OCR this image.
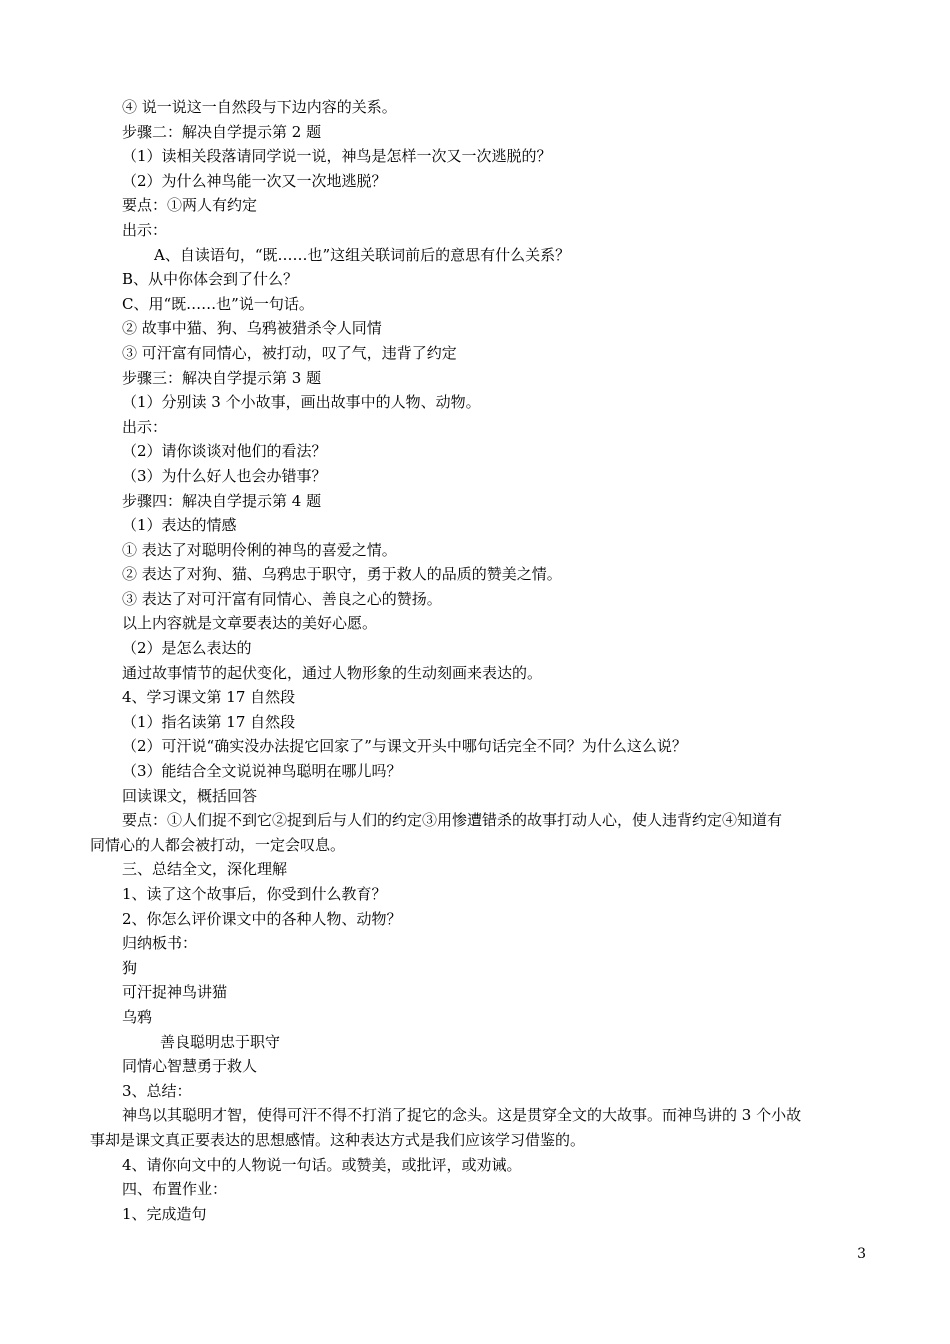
④ 说一说这一自然段与下边内容的关系。
步骤二：解决自学提示第 2 题
（1）读相关段落请同学说一说，神鸟是怎样一次又一次逃脱的？
（2）为什么神鸟能一次又一次地逃脱？
要点：①两人有约定
出示：
A、自读语句，“既……也”这组关联词前后的意思有什么关系？
B、从中你体会到了什么？
C、用“既……也”说一句话。
② 故事中猫、狗、乌鸦被猎杀令人同情
③ 可汗富有同情心，被打动，叹了气，违背了约定
步骤三：解决自学提示第 3 题
（1）分别读 3 个小故事，画出故事中的人物、动物。
出示：
（2）请你谈谈对他们的看法？
（3）为什么好人也会办错事？
步骤四：解决自学提示第 4 题
（1）表达的情感
① 表达了对聪明伶俐的神鸟的喜爱之情。
② 表达了对狗、猫、乌鸦忠于职守，勇于救人的品质的赞美之情。
③ 表达了对可汗富有同情心、善良之心的赞扬。
以上内容就是文章要表达的美好心愿。
（2）是怎么表达的
通过故事情节的起伏变化，通过人物形象的生动刻画来表达的。
4、学习课文第 17 自然段
（1）指名读第 17 自然段
（2）可汗说“确实没办法捉它回家了”与课文开头中哪句话完全不同？为什么这么说？
（3）能结合全文说说神鸟聪明在哪儿吗？
回读课文，概括回答
要点：①人们捉不到它②捉到后与人们的约定③用惨遭错杀的故事打动人心，使人违背约定④知道有
同情心的人都会被打动，一定会叹息。
三、总结全文，深化理解
1、读了这个故事后，你受到什么教育？
2、你怎么评价课文中的各种人物、动物？
归纳板书：
狗
可汗捉神鸟讲猫
乌鸦
善良聪明忠于职守
同情心智慧勇于救人
3、总结：
神鸟以其聪明才智，使得可汗不得不打消了捉它的念头。这是贯穿全文的大故事。而神鸟讲的 3 个小故
事却是课文真正要表达的思想感情。这种表达方式是我们应该学习借鉴的。
4、请你向文中的人物说一句话。或赞美，或批评，或劝诫。
四、布置作业：
1、完成造句
3
